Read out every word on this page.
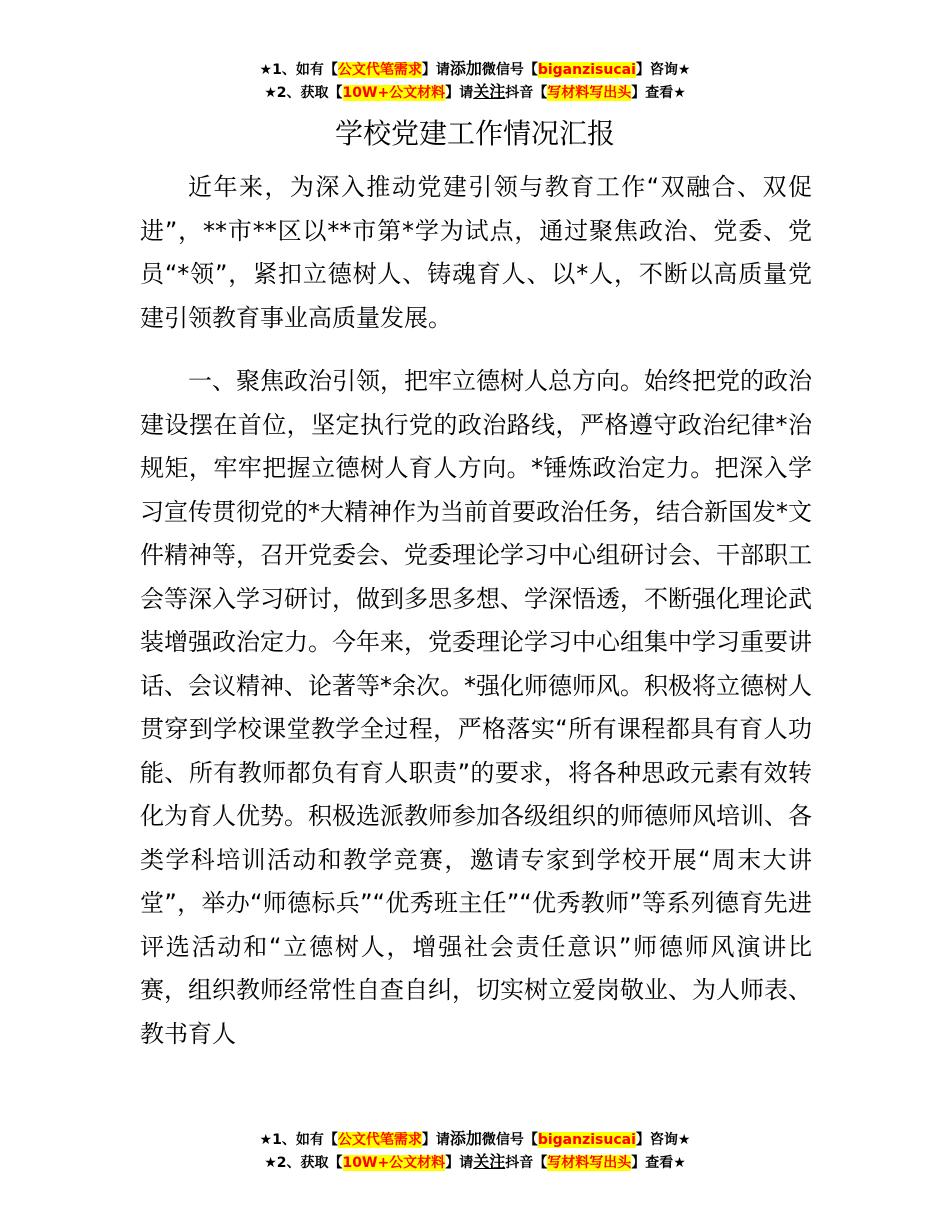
★1、如有【公文代笔需求】请添加微信号【biganzisucai】咨询★
★2、获取【10W+公文材料】请关注抖音【写材料写出头】查看★
学校党建工作情况汇报

近年来，为深入推动党建引领与教育工作“双融合、双促进”，**市**区以**市第*学为试点，通过聚焦政治、党委、党员“*领”，紧扣立德树人、铸魂育人、以*人，不断以高质量党建引领教育事业高质量发展。

一、聚焦政治引领，把牢立德树人总方向。始终把党的政治建设摆在首位，坚定执行党的政治路线，严格遵守政治纪律*治规矩，牢牢把握立德树人育人方向。*锤炼政治定力。把深入学习宣传贯彻党的*大精神作为当前首要政治任务，结合新国发*文件精神等，召开党委会、党委理论学习中心组研讨会、干部职工会等深入学习研讨，做到多思多想、学深悟透，不断强化理论武装增强政治定力。今年来，党委理论学习中心组集中学习重要讲话、会议精神、论著等*余次。*强化师德师风。积极将立德树人贯穿到学校课堂教学全过程，严格落实“所有课程都具有育人功能、所有教师都负有育人职责”的要求，将各种思政元素有效转化为育人优势。积极选派教师参加各级组织的师德师风培训、各类学科培训活动和教学竞赛，邀请专家到学校开展“周末大讲堂”，举办“师德标兵”“优秀班主任”“优秀教师”等系列德育先进评选活动和“立德树人，增强社会责任意识”师德师风演讲比赛，组织教师经常性自查自纠，切实树立爱岗敬业、为人师表、教书育人

★1、如有【公文代笔需求】请添加微信号【biganzisucai】咨询★
★2、获取【10W+公文材料】请关注抖音【写材料写出头】查看★
